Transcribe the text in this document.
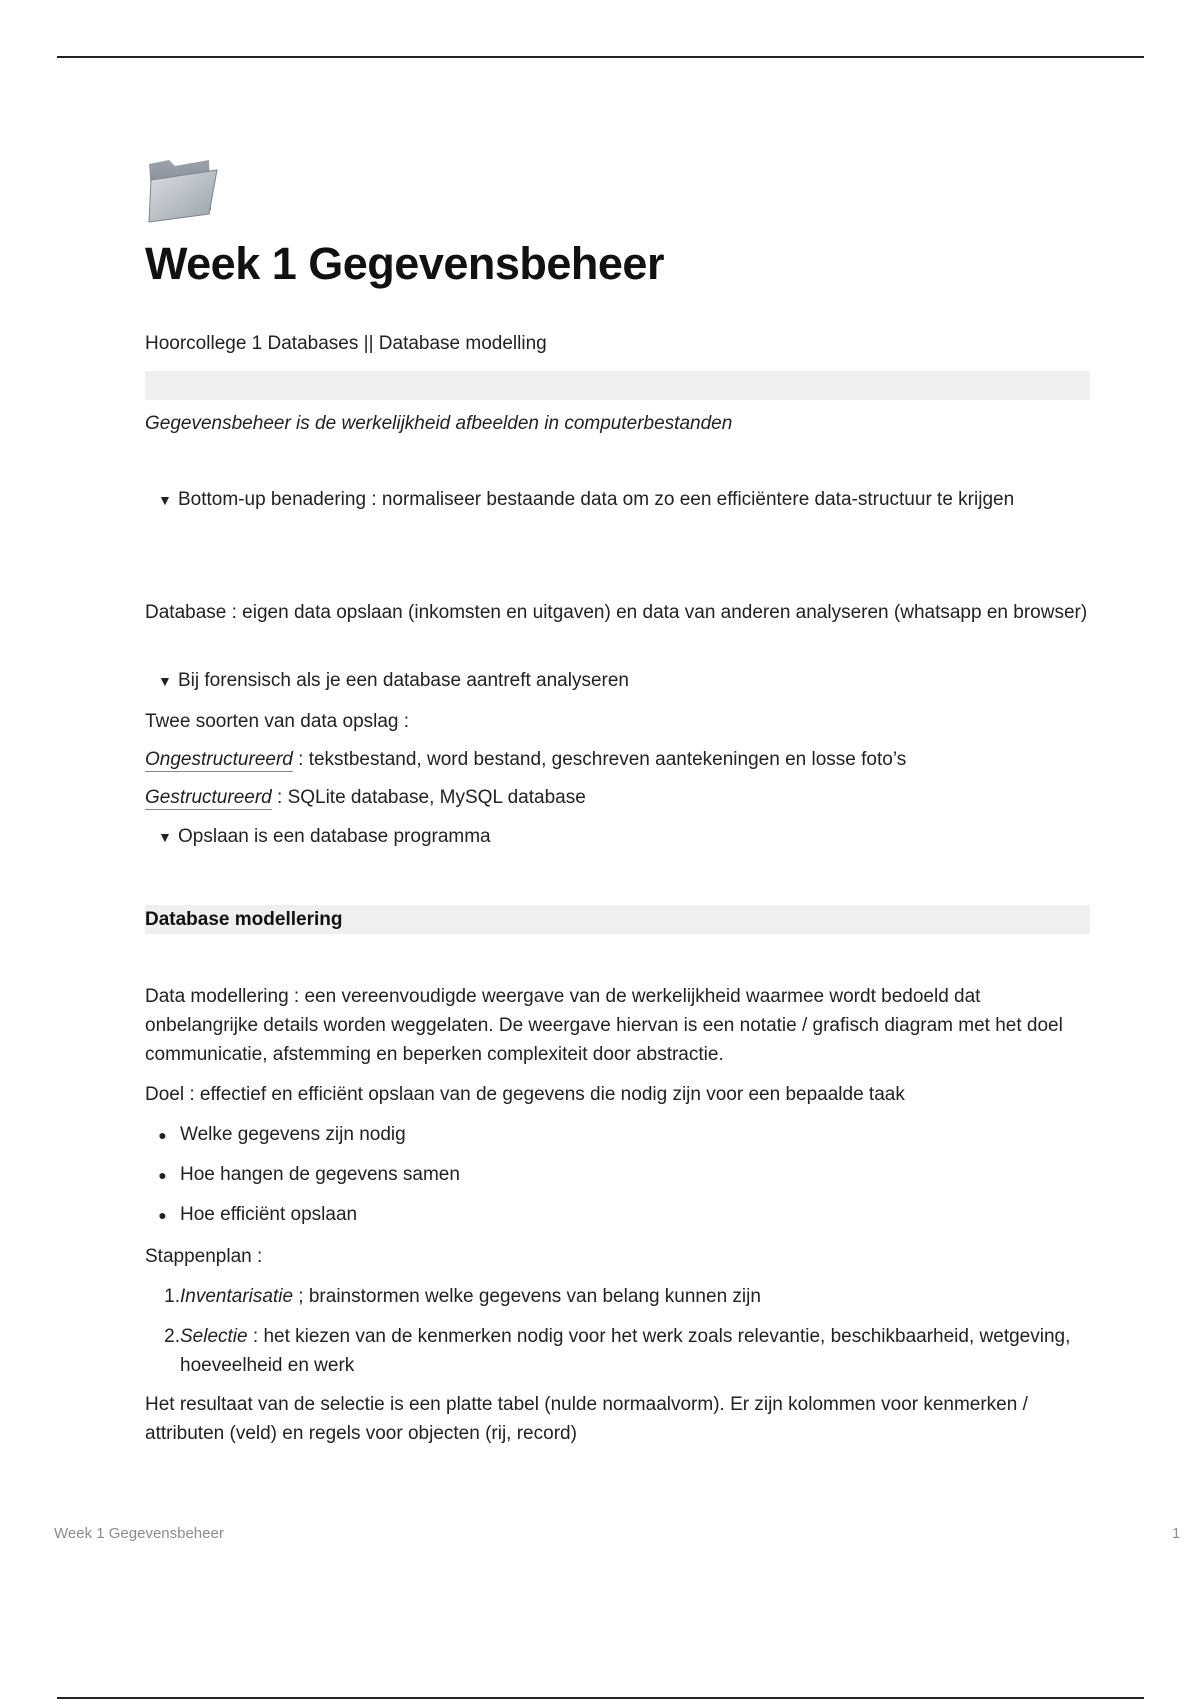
Week 1 Gegevensbeheer
Hoorcollege 1 Databases || Database modelling
Gegevensbeheer is de werkelijkheid afbeelden in computerbestanden
▼ Bottom-up benadering : normaliseer bestaande data om zo een efficiëntere data-structuur te krijgen
Database : eigen data opslaan (inkomsten en uitgaven) en data van anderen analyseren (whatsapp en browser)
▼ Bij forensisch als je een database aantreft analyseren
Twee soorten van data opslag :
Ongestructureerd : tekstbestand, word bestand, geschreven aantekeningen en losse foto’s
Gestructureerd : SQLite database, MySQL database
▼ Opslaan is een database programma
Database modellering
Data modellering : een vereenvoudigde weergave van de werkelijkheid waarmee wordt bedoeld dat onbelangrijke details worden weggelaten. De weergave hiervan is een notatie / grafisch diagram met het doel communicatie, afstemming en beperken complexiteit door abstractie.
Doel : effectief en efficiënt opslaan van de gegevens die nodig zijn voor een bepaalde taak
● Welke gegevens zijn nodig
● Hoe hangen de gegevens samen
● Hoe efficiënt opslaan
Stappenplan :
1. Inventarisatie ; brainstormen welke gegevens van belang kunnen zijn
2. Selectie : het kiezen van de kenmerken nodig voor het werk zoals relevantie, beschikbaarheid, wetgeving, hoeveelheid en werk
Het resultaat van de selectie is een platte tabel (nulde normaalvorm). Er zijn kolommen voor kenmerken / attributen (veld) en regels voor objecten (rij, record)
Week 1 Gegevensbeheer	1
